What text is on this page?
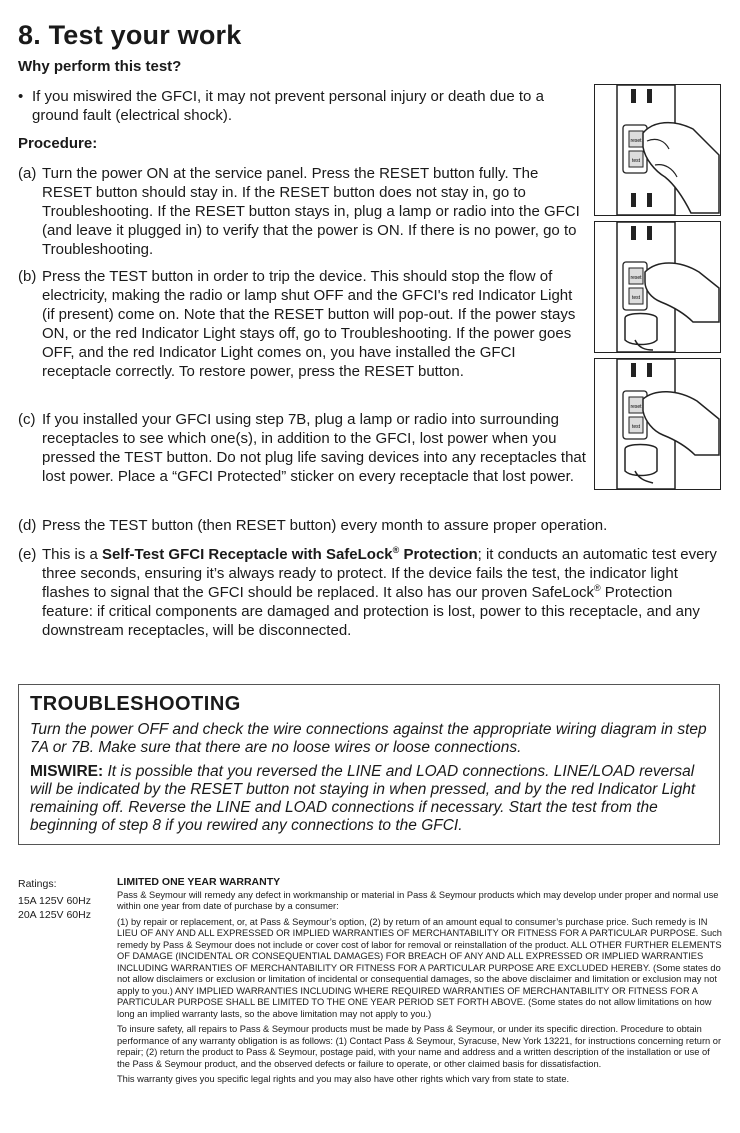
8. Test your work

Why perform this test?

• If you miswired the GFCI, it may not prevent personal injury or death due to a ground fault (electrical shock).

Procedure:

(a) Turn the power ON at the service panel. Press the RESET button fully. The RESET button should stay in. If the RESET button does not stay in, go to Troubleshooting. If the RESET button stays in, plug a lamp or radio into the GFCI (and leave it plugged in) to verify that the power is ON. If there is no power, go to Troubleshooting.
(b) Press the TEST button in order to trip the device. This should stop the flow of electricity, making the radio or lamp shut OFF and the GFCI's red Indicator Light (if present) come on. Note that the RESET button will pop-out. If the power stays ON, or the red Indicator Light stays off, go to Troubleshooting. If the power goes OFF, and the red Indicator Light comes on, you have installed the GFCI receptacle correctly. To restore power, press the RESET button.
(c) If you installed your GFCI using step 7B, plug a lamp or radio into surrounding receptacles to see which one(s), in addition to the GFCI, lost power when you pressed the TEST button. Do not plug life saving devices into any receptacles that lost power. Place a “GFCI Protected” sticker on every receptacle that lost power.
(d) Press the TEST button (then RESET button) every month to assure proper operation.
(e) This is a Self-Test GFCI Receptacle with SafeLock® Protection; it conducts an automatic test every three seconds, ensuring it’s always ready to protect. If the device fails the test, the indicator light flashes to signal that the GFCI should be replaced. It also has our proven SafeLock® Protection feature: if critical components are damaged and protection is lost, power to this receptacle, and any downstream receptacles, will be disconnected.
reset
test
reset
test
reset
test

TROUBLESHOOTING

Turn the power OFF and check the wire connections against the appropriate wiring diagram in step 7A or 7B. Make sure that there are no loose wires or loose connections.

MISWIRE: It is possible that you reversed the LINE and LOAD connections. LINE/LOAD reversal will be indicated by the RESET button not staying in when pressed, and by the red Indicator Light remaining off. Reverse the LINE and LOAD connections if necessary. Start the test from the beginning of step 8 if you rewired any connections to the GFCI.

Ratings:
15A 125V 60Hz
20A 125V 60Hz

LIMITED ONE YEAR WARRANTY

Pass & Seymour will remedy any defect in workmanship or material in Pass & Seymour products which may develop under proper and normal use within one year from date of purchase by a consumer:

(1) by repair or replacement, or, at Pass & Seymour’s option, (2) by return of an amount equal to consumer’s purchase price. Such remedy is IN LIEU OF ANY AND ALL EXPRESSED OR IMPLIED WARRANTIES OF MERCHANTABILITY OR FITNESS FOR A PARTICULAR PURPOSE. Such remedy by Pass & Seymour does not include or cover cost of labor for removal or reinstallation of the product. ALL OTHER FURTHER ELEMENTS OF DAMAGE (INCIDENTAL OR CONSEQUENTIAL DAMAGES) FOR BREACH OF ANY AND ALL EXPRESSED OR IMPLIED WARRANTIES INCLUDING WARRANTIES OF MERCHANTABILITY OR FITNESS FOR A PARTICULAR PURPOSE ARE EXCLUDED HEREBY. (Some states do not allow disclaimers or exclusion or limitation of incidental or consequential damages, so the above disclaimer and limitation or exclusion may not apply to you.) ANY IMPLIED WARRANTIES INCLUDING WHERE REQUIRED WARRANTIES OF MERCHANTABILITY OR FITNESS FOR A PARTICULAR PURPOSE SHALL BE LIMITED TO THE ONE YEAR PERIOD SET FORTH ABOVE. (Some states do not allow limitations on how long an implied warranty lasts, so the above limitation may not apply to you.)

To insure safety, all repairs to Pass & Seymour products must be made by Pass & Seymour, or under its specific direction. Procedure to obtain performance of any warranty obligation is as follows: (1) Contact Pass & Seymour, Syracuse, New York 13221, for instructions concerning return or repair; (2) return the product to Pass & Seymour, postage paid, with your name and address and a written description of the installation or use of the Pass & Seymour product, and the observed defects or failure to operate, or other claimed basis for dissatisfaction.

This warranty gives you specific legal rights and you may also have other rights which vary from state to state.
